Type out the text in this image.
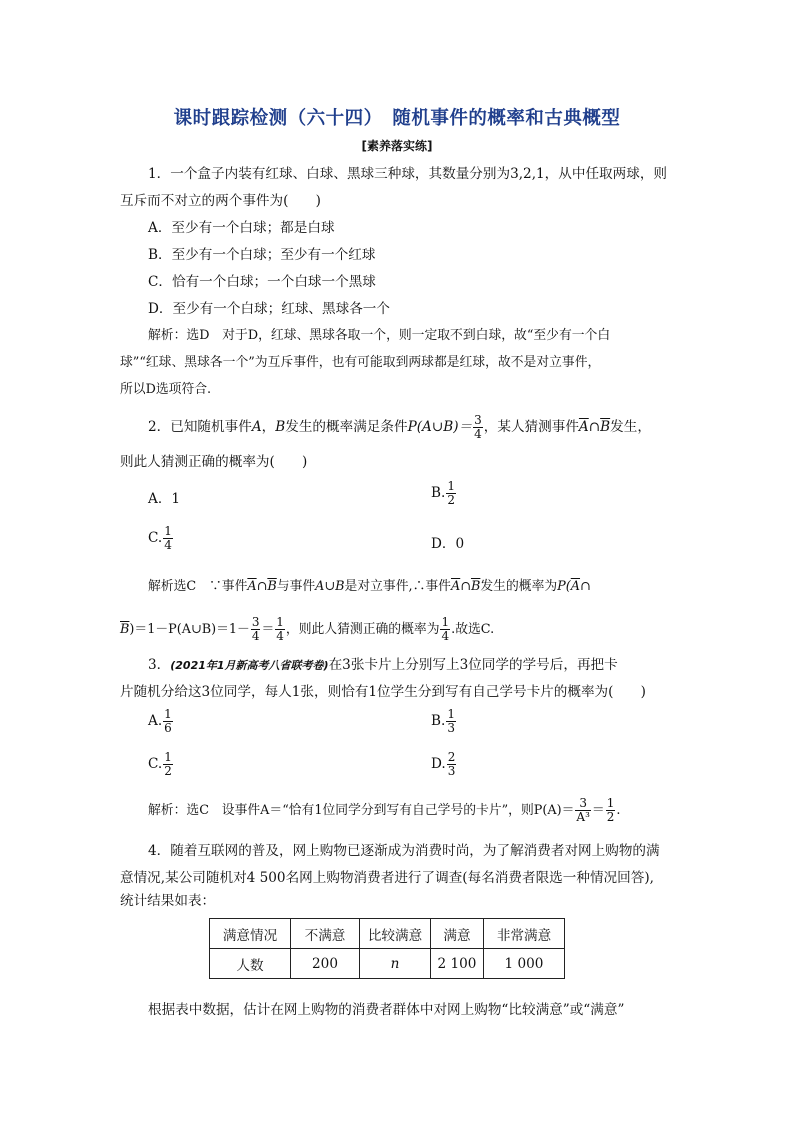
课时跟踪检测（六十四）　随机事件的概率和古典概型
[素养落实练]
1．一个盒子内装有红球、白球、黑球三种球，其数量分别为3,2,1，从中任取两球，则
互斥而不对立的两个事件为(　　)
A．至少有一个白球；都是白球
B．至少有一个白球；至少有一个红球
C．恰有一个白球；一个白球一个黑球
D．至少有一个白球；红球、黑球各一个
解析：选D　对于D，红球、黑球各取一个，则一定取不到白球，故“至少有一个白
球”“红球、黑球各一个”为互斥事件，也有可能取到两球都是红球，故不是对立事件，
所以D选项符合.
2．已知随机事件A，B发生的概率满足条件P(A∪B)＝ $\frac{3}{4}$ ，某人猜测事件$\overline{A}\cap\overline{B}$发生，
则此人猜测正确的概率为(　　)
A．1	B. $\frac{1}{2}$
C. $\frac{1}{4}$	D．0
解析选C　∵事件$\overline{A}\cap\overline{B}$与事件A∪B是对立事件,∴事件$\overline{A}\cap\overline{B}$发生的概率为$P(\overline{A}\cap$
$\overline{B})=1-P(A\cup B)=1- \frac{3}{4} = \frac{1}{4}$ ，则此人猜测正确的概率为 $\frac{1}{4}$ .故选C.
3．(2021年1月新高考八省联考卷)在3张卡片上分别写上3位同学的学号后，再把卡
片随机分给这3位同学，每人1张，则恰有1位学生分到写有自己学号卡片的概率为(　　)
A. $\frac{1}{6}$	B. $\frac{1}{3}$
C. $\frac{1}{2}$	D. $\frac{2}{3}$
解析：选C　设事件A＝“恰有1位同学分到写有自己学号的卡片”，则$P(A)= \frac{3}{\text{A³}} = \frac{1}{2}$ .
4．随着互联网的普及，网上购物已逐渐成为消费时尚，为了解消费者对网上购物的满
意情况,某公司随机对4 500名网上购物消费者进行了调查(每名消费者限选一种情况回答),
统计结果如表：
满意情况	不满意	比较满意	满意	非常满意
人数	200	n	2 100	1 000
根据表中数据，估计在网上购物的消费者群体中对网上购物“比较满意”或“满意”
